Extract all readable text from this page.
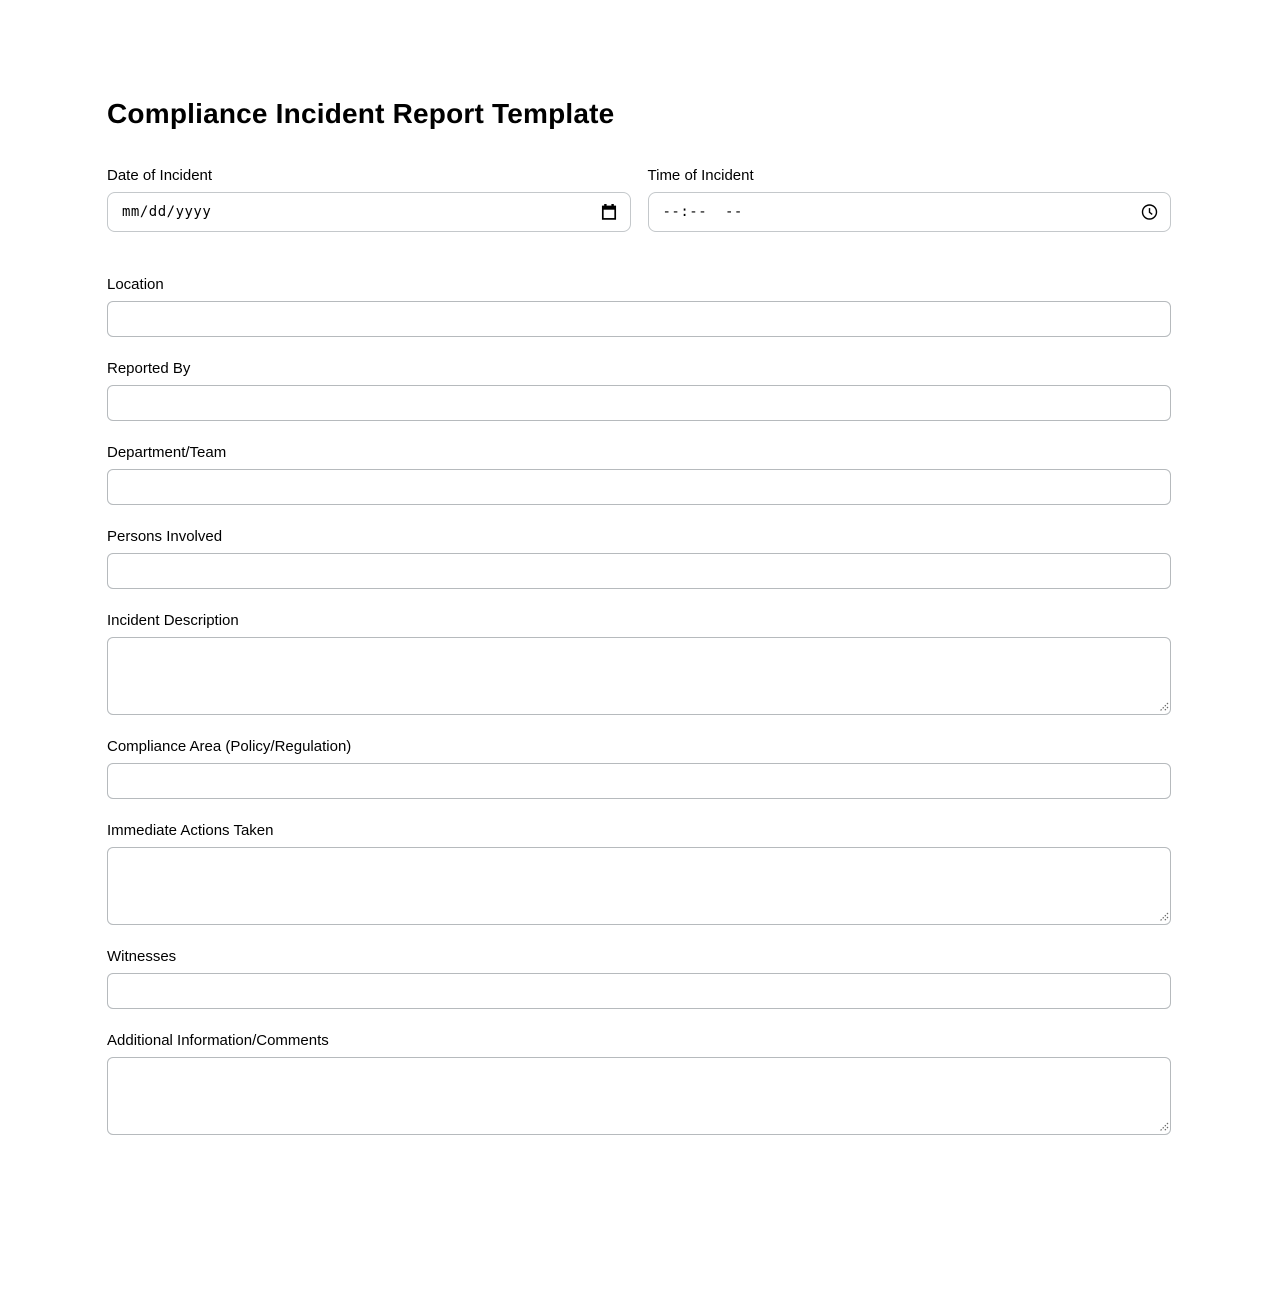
Compliance Incident Report Template
Date of Incident
mm/dd/yyyy	Time of Incident
--:-- --
Location
Reported By
Department/Team
Persons Involved
Incident Description
Compliance Area (Policy/Regulation)
Immediate Actions Taken
Witnesses
Additional Information/Comments
